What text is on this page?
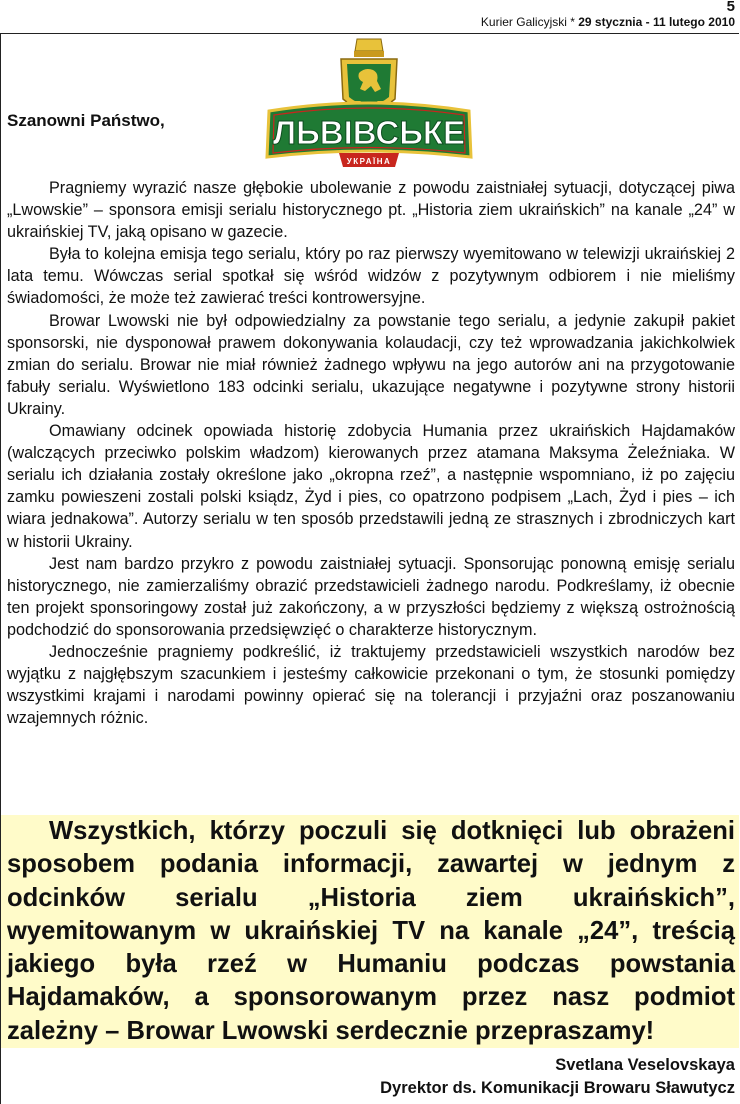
5
Kurier Galicyjski * 29 stycznia - 11 lutego 2010
Szanowni Państwo,	ЛЬВІВСЬКЕ
УКРАЇНА

Pragniemy wyrazić nasze głębokie ubolewanie z powodu zaistniałej sytuacji, dotyczącej piwa „Lwowskie” – sponsora emisji serialu historycznego pt. „Historia ziem ukraińskich” na kanale „24” w ukraińskiej TV, jaką opisano w gazecie.

Była to kolejna emisja tego serialu, który po raz pierwszy wyemitowano w telewizji ukraińskiej 2 lata temu. Wówczas serial spotkał się wśród widzów z pozytywnym odbiorem i nie mieliśmy świadomości, że może też zawierać treści kontrowersyjne.

Browar Lwowski nie był odpowiedzialny za powstanie tego serialu, a jedynie zakupił pakiet sponsorski, nie dysponował prawem dokonywania kolaudacji, czy też wprowadzania jakichkolwiek zmian do serialu. Browar nie miał również żadnego wpływu na jego autorów ani na przygotowanie fabuły serialu. Wyświetlono 183 odcinki serialu, ukazujące negatywne i pozytywne strony historii Ukrainy.

Omawiany odcinek opowiada historię zdobycia Humania przez ukraińskich Hajdamaków (walczących przeciwko polskim władzom) kierowanych przez atamana Maksyma Żeleźniaka. W serialu ich działania zostały określone jako „okropna rzeź”, a następnie wspomniano, iż po zajęciu zamku powieszeni zostali polski ksiądz, Żyd i pies, co opatrzono podpisem „Lach, Żyd i pies – ich wiara jednakowa”. Autorzy serialu w ten sposób przedstawili jedną ze strasznych i zbrodniczych kart w historii Ukrainy.

Jest nam bardzo przykro z powodu zaistniałej sytuacji. Sponsorując ponowną emisję serialu historycznego, nie zamierzaliśmy obrazić przedstawicieli żadnego narodu. Podkreślamy, iż obecnie ten projekt sponsoringowy został już zakończony, a w przyszłości będziemy z większą ostrożnością podchodzić do sponsorowania przedsięwzięć o charakterze historycznym.

Jednocześnie pragniemy podkreślić, iż traktujemy przedstawicieli wszystkich narodów bez wyjątku z najgłębszym szacunkiem i jesteśmy całkowicie przekonani o tym, że stosunki pomiędzy wszystkimi krajami i narodami powinny opierać się na tolerancji i przyjaźni oraz poszanowaniu wzajemnych różnic.

Wszystkich, którzy poczuli się dotknięci lub obrażeni sposobem podania informacji, zawartej w jednym z odcinków serialu „Historia ziem ukraińskich”, wyemitowanym w ukraińskiej TV na kanale „24”, treścią jakiego była rzeź w Humaniu podczas powstania Hajdamaków, a sponsorowanym przez nasz podmiot zależny – Browar Lwowski serdecznie przepraszamy!

Svetlana Veselovskaya
Dyrektor ds. Komunikacji Browaru Sławutycz
